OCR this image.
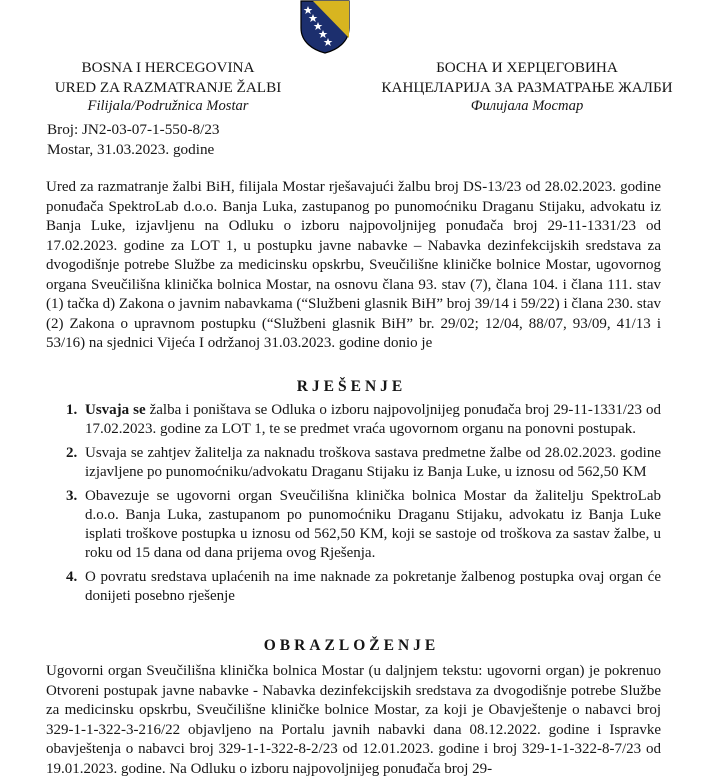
BOSNA I HERCEGOVINA
URED ZA RAZMATRANJE ŽALBI
Filijala/Podružnica Mostar
БОСНА И ХЕРЦЕГОВИНА
КАНЦЕЛАРИЈА ЗА РАЗМАТРАЊЕ ЖАЛБИ
Филијала Мостар
Broj: JN2-03-07-1-550-8/23
Mostar, 31.03.2023. godine
Ured za razmatranje žalbi BiH, filijala Mostar rješavajući žalbu broj DS-13/23 od 28.02.2023. godine ponuđača SpektroLab d.o.o. Banja Luka, zastupanog po punomoćniku Draganu Stijaku, advokatu iz Banja Luke, izjavljenu na Odluku o izboru najpovoljnijeg ponuđača broj 29-11-1331/23 od 17.02.2023. godine za LOT 1, u postupku javne nabavke – Nabavka dezinfekcijskih sredstava za dvogodišnje potrebe Službe za medicinsku opskrbu, Sveučilišne kliničke bolnice Mostar, ugovornog organa Sveučilišna klinička bolnica Mostar, na osnovu člana 93. stav (7), člana 104. i člana 111. stav (1) tačka d) Zakona o javnim nabavkama (“Službeni glasnik BiH” broj 39/14 i 59/22) i člana 230. stav (2) Zakona o upravnom postupku (“Službeni glasnik BiH” br. 29/02; 12/04, 88/07, 93/09, 41/13 i 53/16) na sjednici Vijeća I održanoj 31.03.2023. godine donio je
RJEŠENJE
1. Usvaja se žalba i poništava se Odluka o izboru najpovoljnijeg ponuđača broj 29-11-1331/23 od 17.02.2023. godine za LOT 1, te se predmet vraća ugovornom organu na ponovni postupak.
2. Usvaja se zahtjev žalitelja za naknadu troškova sastava predmetne žalbe od 28.02.2023. godine izjavljene po punomoćniku/advokatu Draganu Stijaku iz Banja Luke, u iznosu od 562,50 KM
3. Obavezuje se ugovorni organ Sveučilišna klinička bolnica Mostar da žalitelju SpektroLab d.o.o. Banja Luka, zastupanom po punomoćniku Draganu Stijaku, advokatu iz Banja Luke isplati troškove postupka u iznosu od 562,50 KM, koji se sastoje od troškova za sastav žalbe, u roku od 15 dana od dana prijema ovog Rješenja.
4. O povratu sredstava uplaćenih na ime naknade za pokretanje žalbenog postupka ovaj organ će donijeti posebno rješenje
OBRAZLOŽENJE
Ugovorni organ Sveučilišna klinička bolnica Mostar (u daljnjem tekstu: ugovorni organ) je pokrenuo Otvoreni postupak javne nabavke - Nabavka dezinfekcijskih sredstava za dvogodišnje potrebe Službe za medicinsku opskrbu, Sveučilišne kliničke bolnice Mostar, za koji je Obavještenje o nabavci broj 329-1-1-322-3-216/22 objavljeno na Portalu javnih nabavki dana 08.12.2022. godine i Ispravke obavještenja o nabavci broj 329-1-1-322-8-2/23 od 12.01.2023. godine i broj 329-1-1-322-8-7/23 od 19.01.2023. godine. Na Odluku o izboru najpovoljnijeg ponuđača broj 29-
